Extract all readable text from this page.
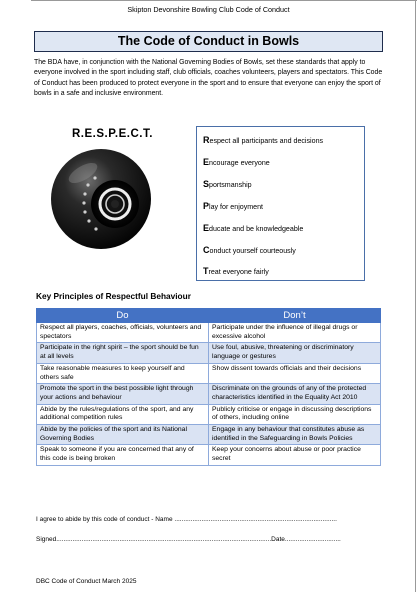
Skipton Devonshire Bowling Club Code of Conduct
The Code of Conduct in Bowls
The BDA have, in conjunction with the National Governing Bodies of Bowls, set these standards that apply to everyone involved in the sport including staff, club officials, coaches volunteers, players and spectators. This Code of Conduct has been produced to protect everyone in the sport and to ensure that everyone can enjoy the sport of bowls in a safe and inclusive environment.
R.E.S.P.E.C.T.	Respect all participants and decisions
Encourage everyone
Sportsmanship
Play for enjoyment
Educate and be knowledgeable
Conduct yourself courteously
Treat everyone fairly
Key Principles of Respectful Behaviour
Do	Don’t
Respect all players, coaches, officials, volunteers and spectators	Participate under the influence of illegal drugs or excessive alcohol
Participate in the right spirit – the sport should be fun at all levels	Use foul, abusive, threatening or discriminatory language or gestures
Take reasonable measures to keep yourself and others safe	Show dissent towards officials and their decisions
Promote the sport in the best possible light through your actions and behaviour	Discriminate on the grounds of any of the protected characteristics identified in the Equality Act 2010
Abide by the rules/regulations of the sport, and any additional competition rules	Publicly criticise or engage in discussing descriptions of others, including online
Abide by the policies of the sport and its National Governing Bodies	Engage in any behaviour that constitutes abuse as identified in the Safeguarding in Bowls Policies
Speak to someone if you are concerned that any of this code is being broken	Keep your concerns about abuse or poor practice secret
I agree to abide by this code of conduct - Name ..........................................................................................
Signed.......................................................................................................................Date...............................
DBC Code of Conduct March 2025
